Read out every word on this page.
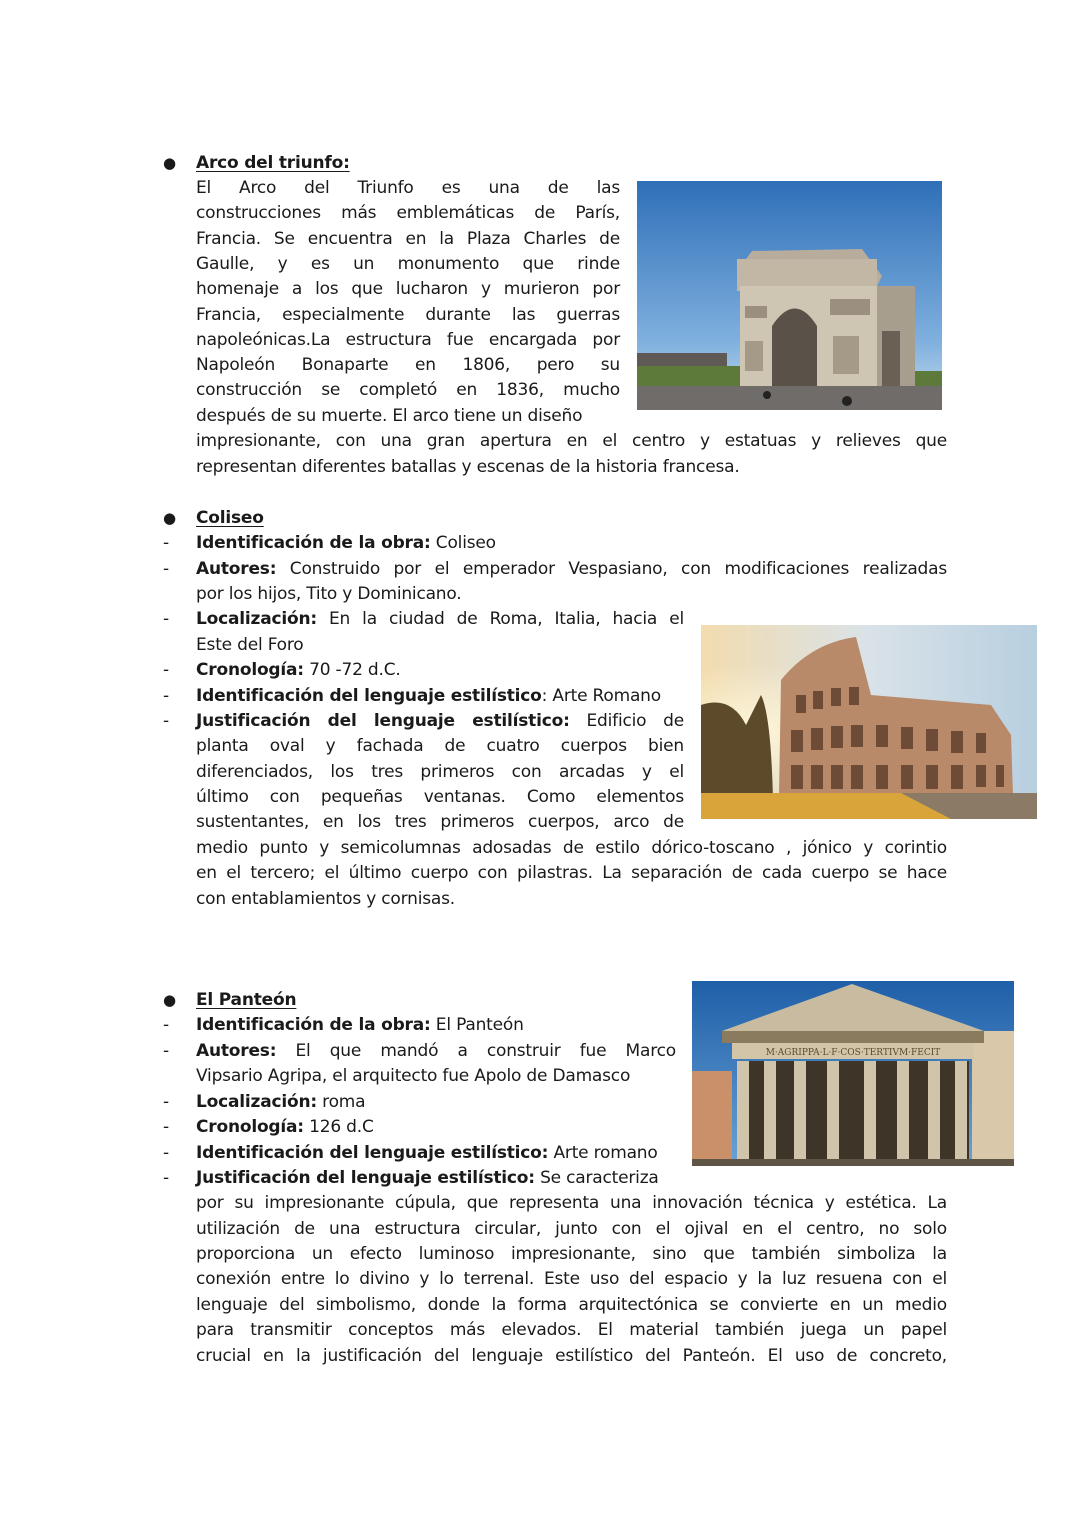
● Arco del triunfo:
El Arco del Triunfo es una de las
construcciones más emblemáticas de París,
Francia. Se encuentra en la Plaza Charles de
Gaulle, y es un monumento que rinde
homenaje a los que lucharon y murieron por
Francia, especialmente durante las guerras
napoleónicas.La estructura fue encargada por
Napoleón Bonaparte en 1806, pero su
construcción se completó en 1836, mucho
después de su muerte. El arco tiene un diseño
impresionante, con una gran apertura en el centro y estatuas y relieves que
representan diferentes batallas y escenas de la historia francesa.
● Coliseo
- Identificación de la obra: Coliseo
- Autores: Construido por el emperador Vespasiano, con modificaciones realizadas
por los hijos, Tito y Dominicano.
- Localización: En la ciudad de Roma, Italia, hacia el
Este del Foro
- Cronología: 70 -72 d.C.
- Identificación del lenguaje estilístico: Arte Romano
- Justificación del lenguaje estilístico: Edificio de
planta oval y fachada de cuatro cuerpos bien
diferenciados, los tres primeros con arcadas y el
último con pequeñas ventanas. Como elementos
sustentantes, en los tres primeros cuerpos, arco de
medio punto y semicolumnas adosadas de estilo dórico-toscano , jónico y corintio
en el tercero; el último cuerpo con pilastras. La separación de cada cuerpo se hace
con entablamientos y cornisas.
● El Panteón
- Identificación de la obra: El Panteón
- Autores: El que mandó a construir fue Marco
Vipsario Agripa, el arquitecto fue Apolo de Damasco
- Localización: roma
- Cronología: 126 d.C
- Identificación del lenguaje estilístico: Arte romano
- Justificación del lenguaje estilístico: Se caracteriza
por su impresionante cúpula, que representa una innovación técnica y estética. La
utilización de una estructura circular, junto con el ojival en el centro, no solo
proporciona un efecto luminoso impresionante, sino que también simboliza la
conexión entre lo divino y lo terrenal. Este uso del espacio y la luz resuena con el
lenguaje del simbolismo, donde la forma arquitectónica se convierte en un medio
para transmitir conceptos más elevados. El material también juega un papel
crucial en la justificación del lenguaje estilístico del Panteón. El uso de concreto,
M·AGRIPPA·L·F·COS·TERTIVM·FECIT
